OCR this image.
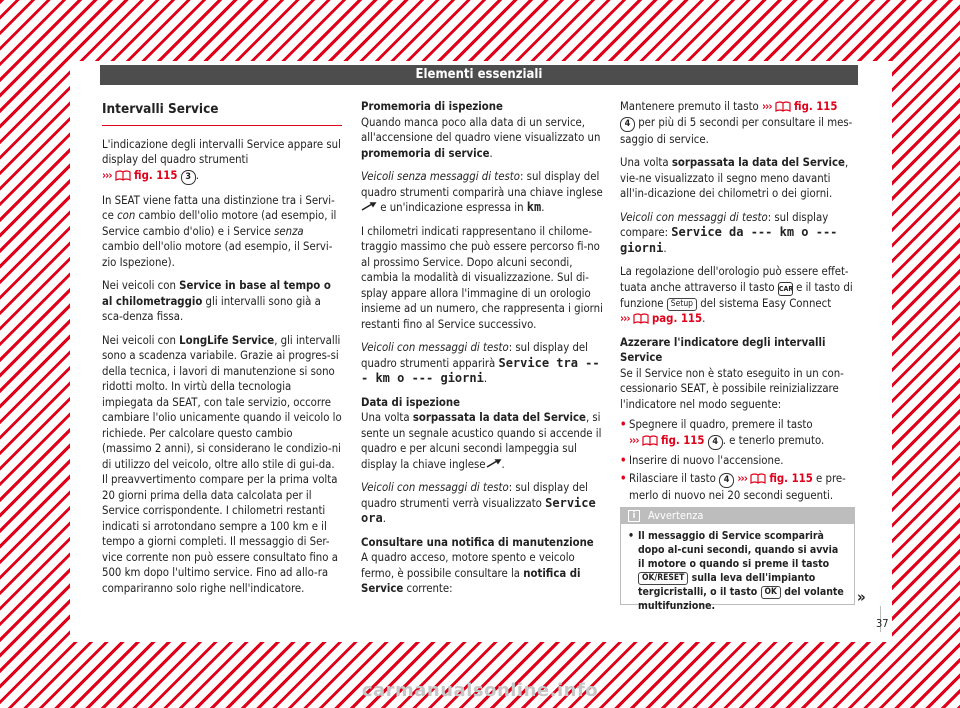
Elementi essenziali
Intervalli Service

L'indicazione degli intervalli Service appare sul display del quadro strumenti
››› fig. 115 3 .

In SEAT viene fatta una distinzione tra i Servi-ce con cambio dell'olio motore (ad esempio, il Service cambio d'olio) e i Service senza cambio dell'olio motore (ad esempio, il Servi-zio Ispezione).

Nei veicoli con Service in base al tempo o al chilometraggio gli intervalli sono già a sca-denza fissa.

Nei veicoli con LongLife Service, gli intervalli sono a scadenza variabile. Grazie ai progres-si della tecnica, i lavori di manutenzione si sono ridotti molto. In virtù della tecnologia impiegata da SEAT, con tale servizio, occorre cambiare l'olio unicamente quando il veicolo lo richiede. Per calcolare questo cambio (massimo 2 anni), si considerano le condizio-ni di utilizzo del veicolo, oltre allo stile di gui-da. Il preavvertimento compare per la prima volta 20 giorni prima della data calcolata per il Service corrispondente. I chilometri restanti indicati si arrotondano sempre a 100 km e il tempo a giorni completi. Il messaggio di Ser-vice corrente non può essere consultato fino a 500 km dopo l'ultimo service. Fino ad allo-ra compariranno solo righe nell'indicatore.

Promemoria di ispezione

Quando manca poco alla data di un service, all'accensione del quadro viene visualizzato un promemoria di service.

Veicoli senza messaggi di testo: sul display del quadro strumenti comparirà una chiave inglese e un'indicazione espressa in km.

I chilometri indicati rappresentano il chilome-traggio massimo che può essere percorso fi-no al prossimo Service. Dopo alcuni secondi, cambia la modalità di visualizzazione. Sul di-splay appare allora l'immagine di un orologio insieme ad un numero, che rappresenta i giorni restanti fino al Service successivo.

Veicoli con messaggi di testo: sul display del quadro strumenti apparirà Service tra --- km o --- giorni.

Data di ispezione

Una volta sorpassata la data del Service, si sente un segnale acustico quando si accende il quadro e per alcuni secondi lampeggia sul display la chiave inglese .

Veicoli con messaggi di testo: sul display del quadro strumenti verrà visualizzato Service ora.

Consultare una notifica di manutenzione

A quadro acceso, motore spento e veicolo fermo, è possibile consultare la notifica di Service corrente:

Mantenere premuto il tasto ››› fig. 115
4 per più di 5 secondi per consultare il mes-saggio di service.

Una volta sorpassata la data del Service, vie-ne visualizzato il segno meno davanti all'in-dicazione dei chilometri o dei giorni.

Veicoli con messaggi di testo: sul display compare: Service da --- km o --- giorni.

La regolazione dell'orologio può essere effet-tuata anche attraverso il tasto CAR e il tasto di funzione Setup del sistema Easy Connect
››› pag. 115.

Azzerare l'indicatore degli intervalli Service

Se il Service non è stato eseguito in un con-cessionario SEAT, è possibile reinizializzare l'indicatore nel modo seguente:

• Spegnere il quadro, premere il tasto
››› fig. 115 4 . e tenerlo premuto.
• Inserire di nuovo l'accensione.
• Rilasciare il tasto 4 ››› fig. 115 e pre-merlo di nuovo nei 20 secondi seguenti.
i	Avvertenza
• Il messaggio di Service scomparirà dopo al-cuni secondi, quando si avvia il motore o quando si preme il tasto OK/RESET sulla leva dell'impianto tergicristalli, o il tasto OK del volante multifunzione.	»
37
carmanualsonline.info
